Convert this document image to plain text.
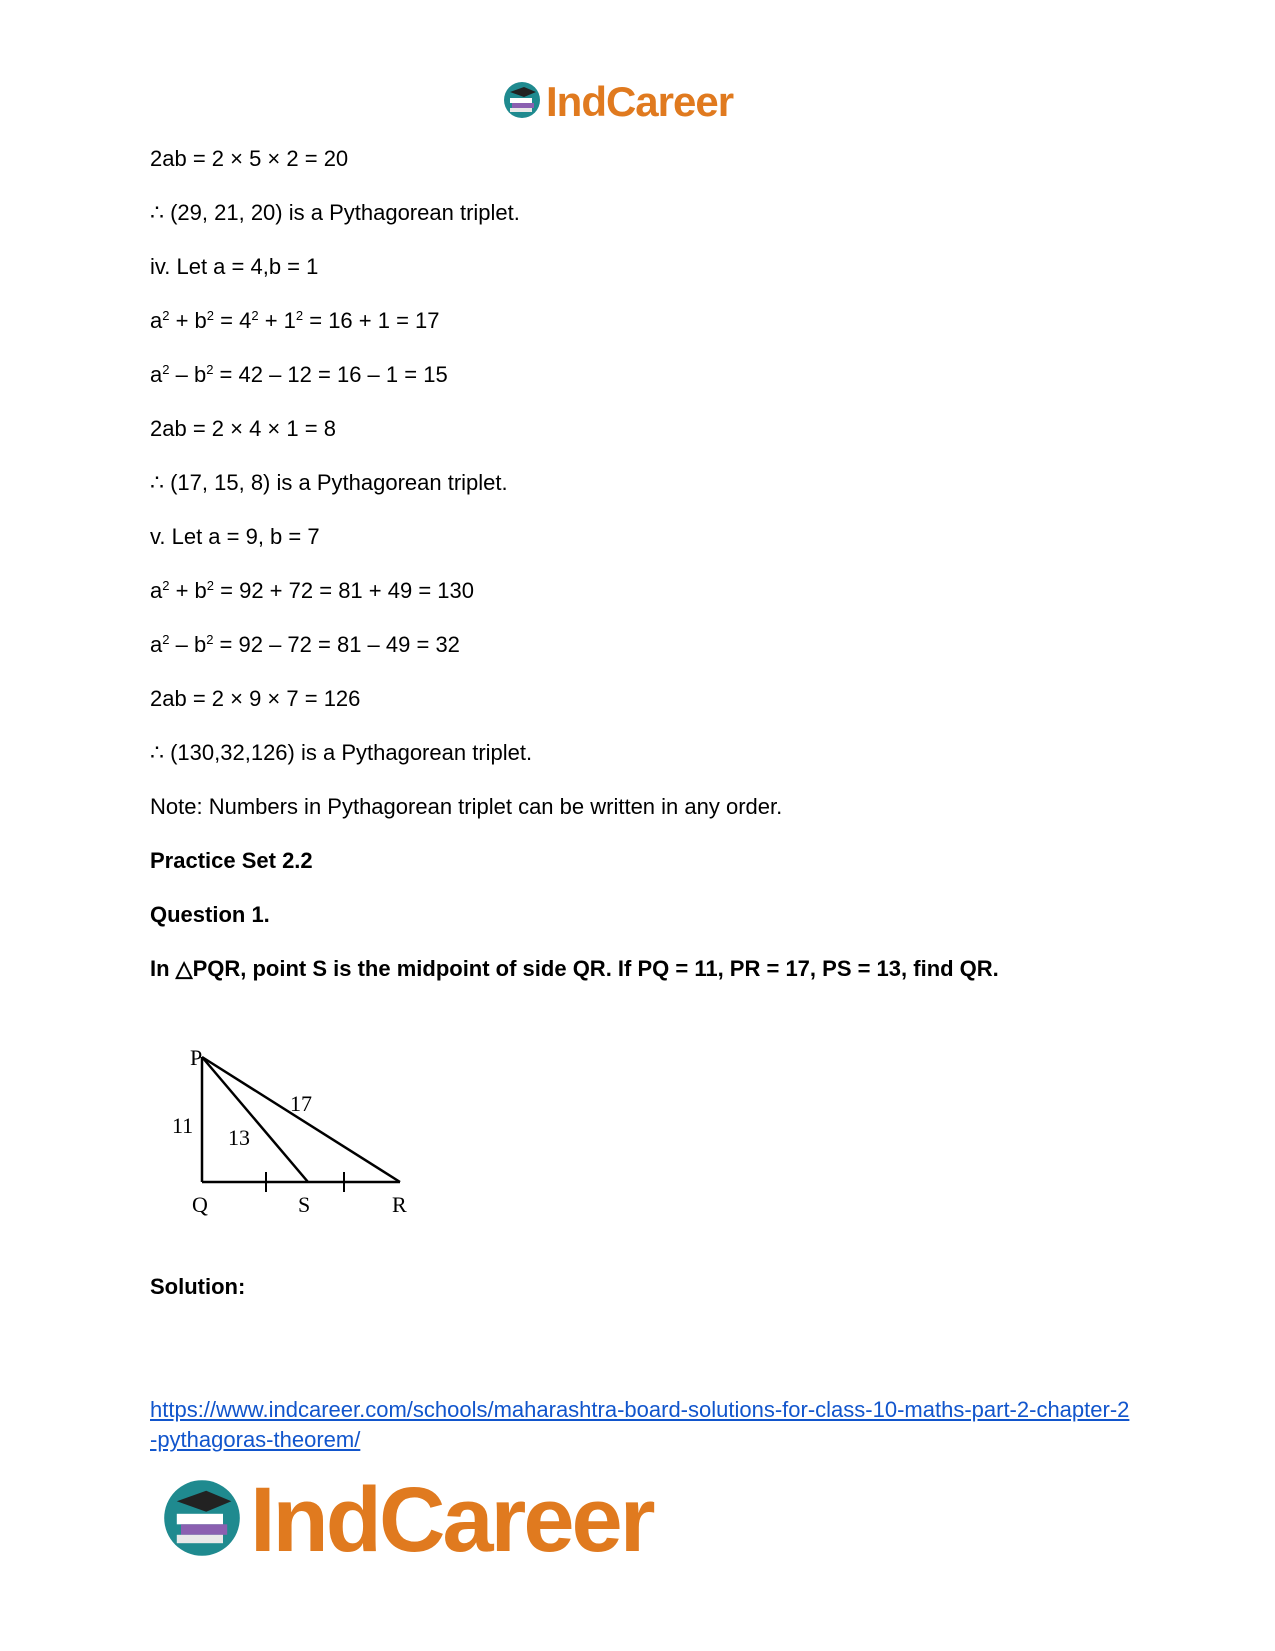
IndCareer
2ab = 2 × 5 × 2 = 20
∴ (29, 21, 20) is a Pythagorean triplet.
iv. Let a = 4,b = 1
$a^2 + b^2 = 4^2 + 1^2 = 16 + 1 = 17$
$a^2 - b^2 = 42 - 12 = 16 - 1 = 15$
2ab = 2 × 4 × 1 = 8
∴ (17, 15, 8) is a Pythagorean triplet.
v. Let a = 9, b = 7
$a^2 + b^2 = 92 + 72 = 81 + 49 = 130$
$a^2 - b^2 = 92 - 72 = 81 - 49 = 32$
2ab = 2 × 9 × 7 = 126
∴ (130,32,126) is a Pythagorean triplet.
Note: Numbers in Pythagorean triplet can be written in any order.
Practice Set 2.2
Question 1.
In △PQR, point S is the midpoint of side QR. If PQ = 11, PR = 17, PS = 13, find QR.
P
Q	S	R
11 13
17
Solution:
https://www.indcareer.com/schools/maharashtra-board-solutions-for-class-10-maths-part-2-chapter-2-pythagoras-theorem/
IndCareer
